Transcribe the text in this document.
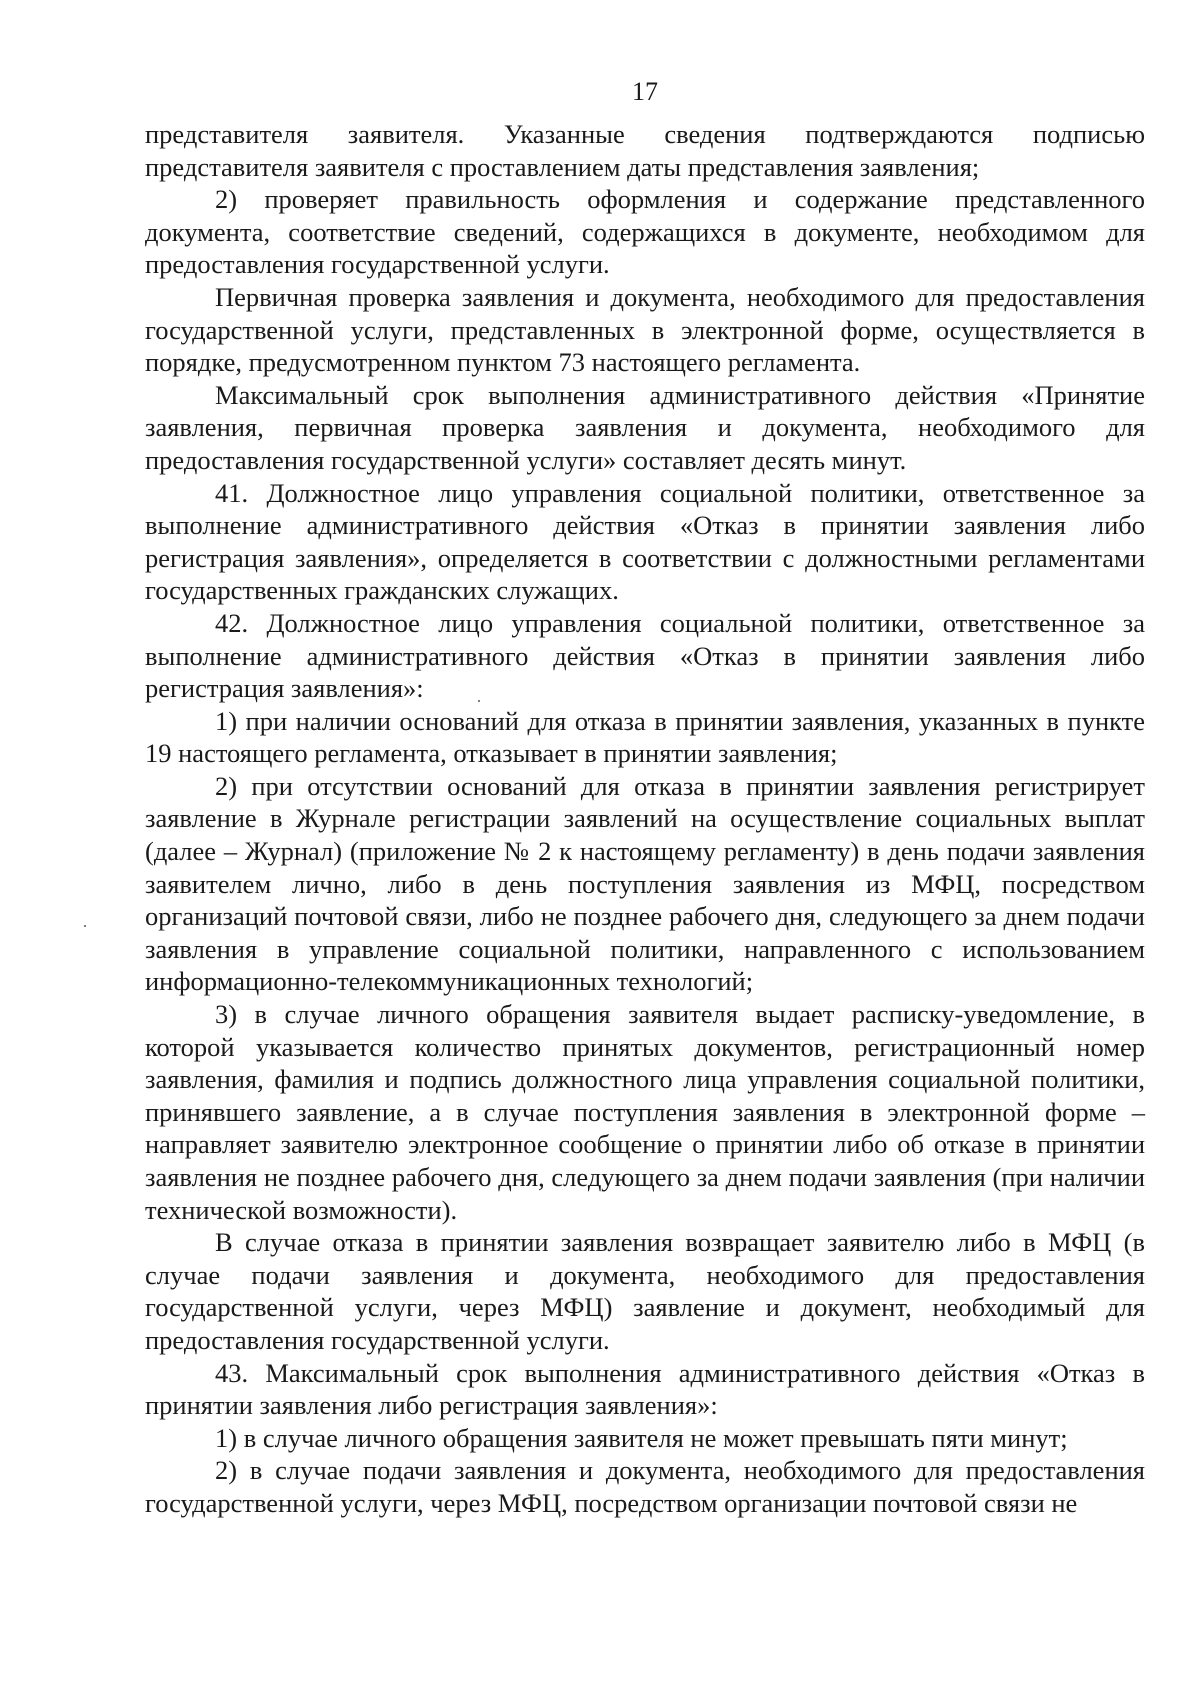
17

представителя заявителя. Указанные сведения подтверждаются подписью представителя заявителя с проставлением даты представления заявления;

2) проверяет правильность оформления и содержание представленного документа, соответствие сведений, содержащихся в документе, необходимом для предоставления государственной услуги.

Первичная проверка заявления и документа, необходимого для предоставления государственной услуги, представленных в электронной форме, осуществляется в порядке, предусмотренном пунктом 73 настоящего регламента.

Максимальный срок выполнения административного действия «Принятие заявления, первичная проверка заявления и документа, необходимого для предоставления государственной услуги» составляет десять минут.

41. Должностное лицо управления социальной политики, ответственное за выполнение административного действия «Отказ в принятии заявления либо регистрация заявления», определяется в соответствии с должностными регламентами государственных гражданских служащих.

42. Должностное лицо управления социальной политики, ответственное за выполнение административного действия «Отказ в принятии заявления либо регистрация заявления»:

1) при наличии оснований для отказа в принятии заявления, указанных в пункте 19 настоящего регламента, отказывает в принятии заявления;

2) при отсутствии оснований для отказа в принятии заявления регистрирует заявление в Журнале регистрации заявлений на осуществление социальных выплат (далее – Журнал) (приложение № 2 к настоящему регламенту) в день подачи заявления заявителем лично, либо в день поступления заявления из МФЦ, посредством организаций почтовой связи, либо не позднее рабочего дня, следующего за днем подачи заявления в управление социальной политики, направленного с использованием информационно-телекоммуникационных технологий;

3) в случае личного обращения заявителя выдает расписку-уведомление, в которой указывается количество принятых документов, регистрационный номер заявления, фамилия и подпись должностного лица управления социальной политики, принявшего заявление, а в случае поступления заявления в электронной форме – направляет заявителю электронное сообщение о принятии либо об отказе в принятии заявления не позднее рабочего дня, следующего за днем подачи заявления (при наличии технической возможности).

В случае отказа в принятии заявления возвращает заявителю либо в МФЦ (в случае подачи заявления и документа, необходимого для предоставления государственной услуги, через МФЦ) заявление и документ, необходимый для предоставления государственной услуги.

43. Максимальный срок выполнения административного действия «Отказ в принятии заявления либо регистрация заявления»:

1) в случае личного обращения заявителя не может превышать пяти минут;

2) в случае подачи заявления и документа, необходимого для предоставления государственной услуги, через МФЦ, посредством организации почтовой связи не
